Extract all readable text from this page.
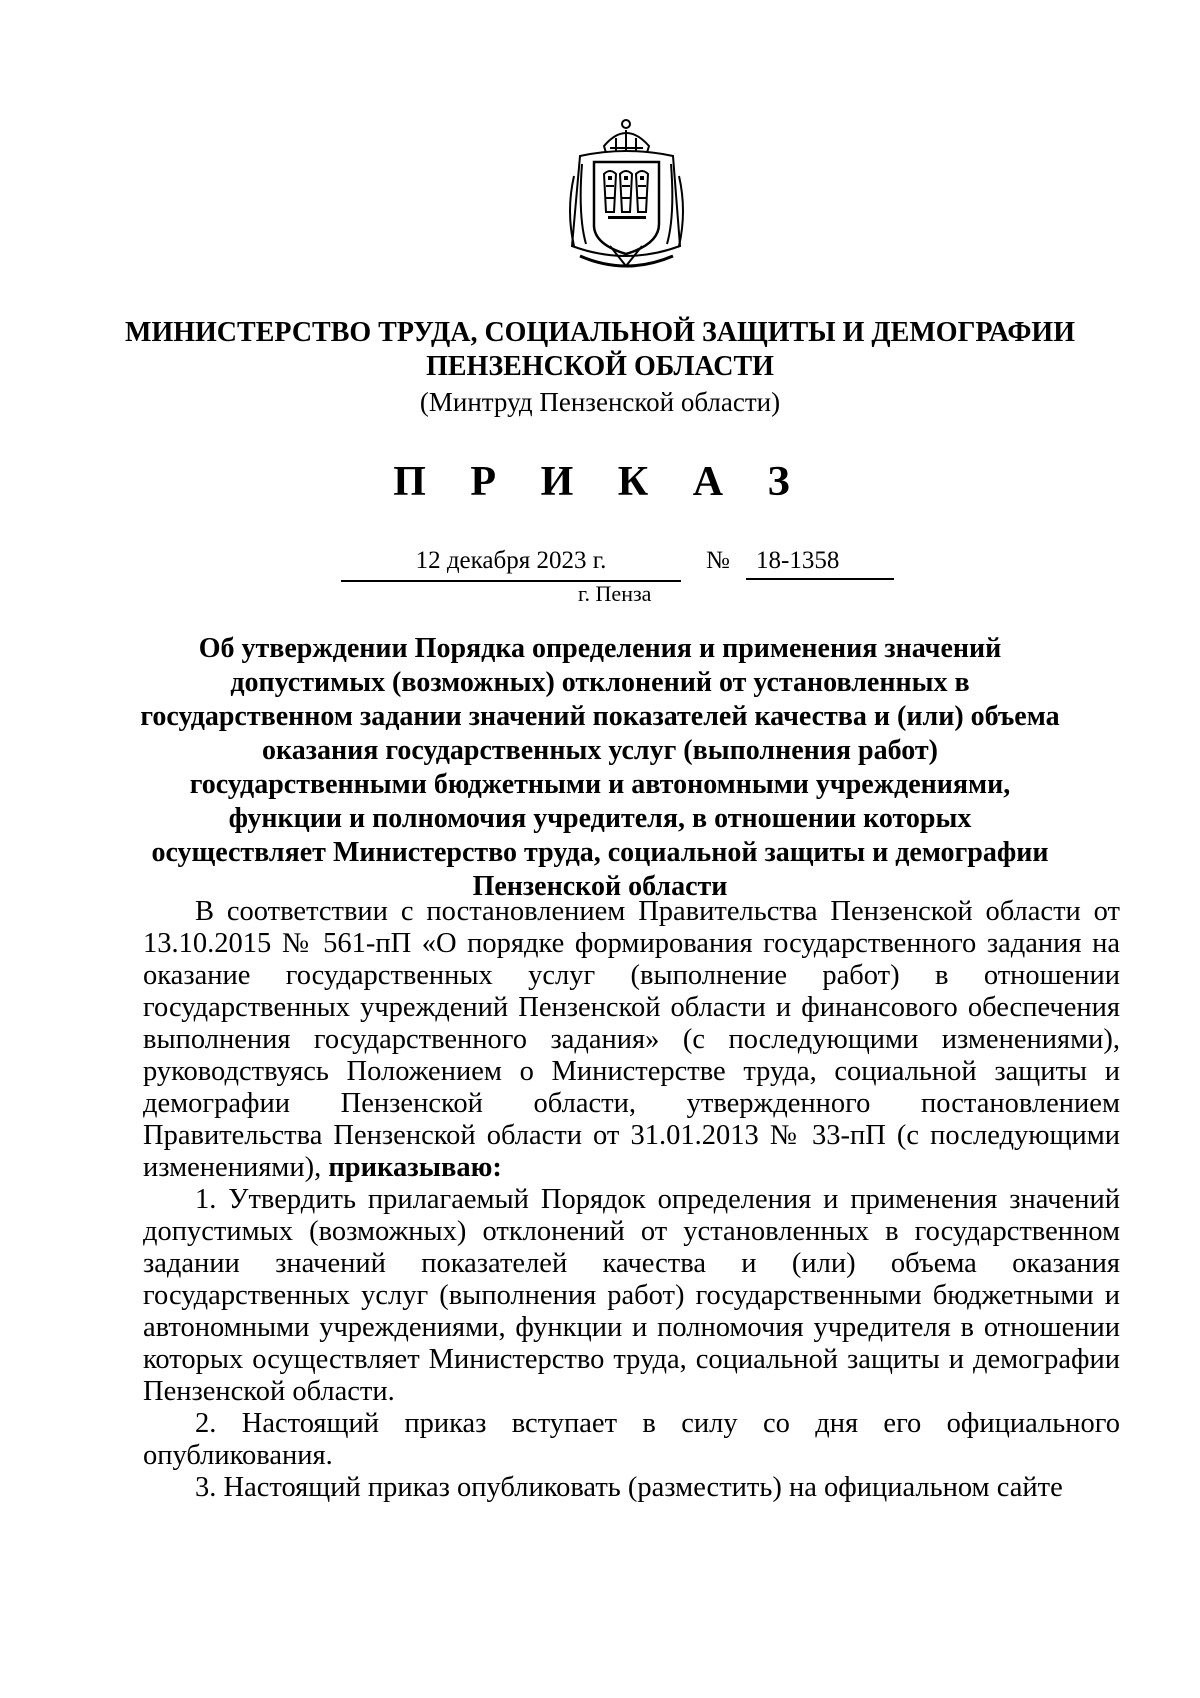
МИНИСТЕРСТВО ТРУДА, СОЦИАЛЬНОЙ ЗАЩИТЫ И ДЕМОГРАФИИ
ПЕНЗЕНСКОЙ ОБЛАСТИ
(Минтруд Пензенской области)
П Р И К А З
12 декабря 2023 г.	№	18-1358
г. Пенза
Об утверждении Порядка определения и применения значений допустимых (возможных) отклонений от установленных в государственном задании значений показателей качества и (или) объема оказания государственных услуг (выполнения работ) государственными бюджетными и автономными учреждениями, функции и полномочия учредителя, в отношении которых осуществляет Министерство труда, социальной защиты и демографии Пензенской области

В соответствии с постановлением Правительства Пензенской области от 13.10.2015 № 561-пП «О порядке формирования государственного задания на оказание государственных услуг (выполнение работ) в отношении государственных учреждений Пензенской области и финансового обеспечения выполнения государственного задания» (с последующими изменениями), руководствуясь Положением о Министерстве труда, социальной защиты и демографии Пензенской области, утвержденного постановлением Правительства Пензенской области от 31.01.2013 № 33-пП (с последующими изменениями), приказываю:

1. Утвердить прилагаемый Порядок определения и применения значений допустимых (возможных) отклонений от установленных в государственном задании значений показателей качества и (или) объема оказания государственных услуг (выполнения работ) государственными бюджетными и автономными учреждениями, функции и полномочия учредителя в отношении которых осуществляет Министерство труда, социальной защиты и демографии Пензенской области.

2. Настоящий приказ вступает в силу со дня его официального опубликования.

3. Настоящий приказ опубликовать (разместить) на официальном сайте
